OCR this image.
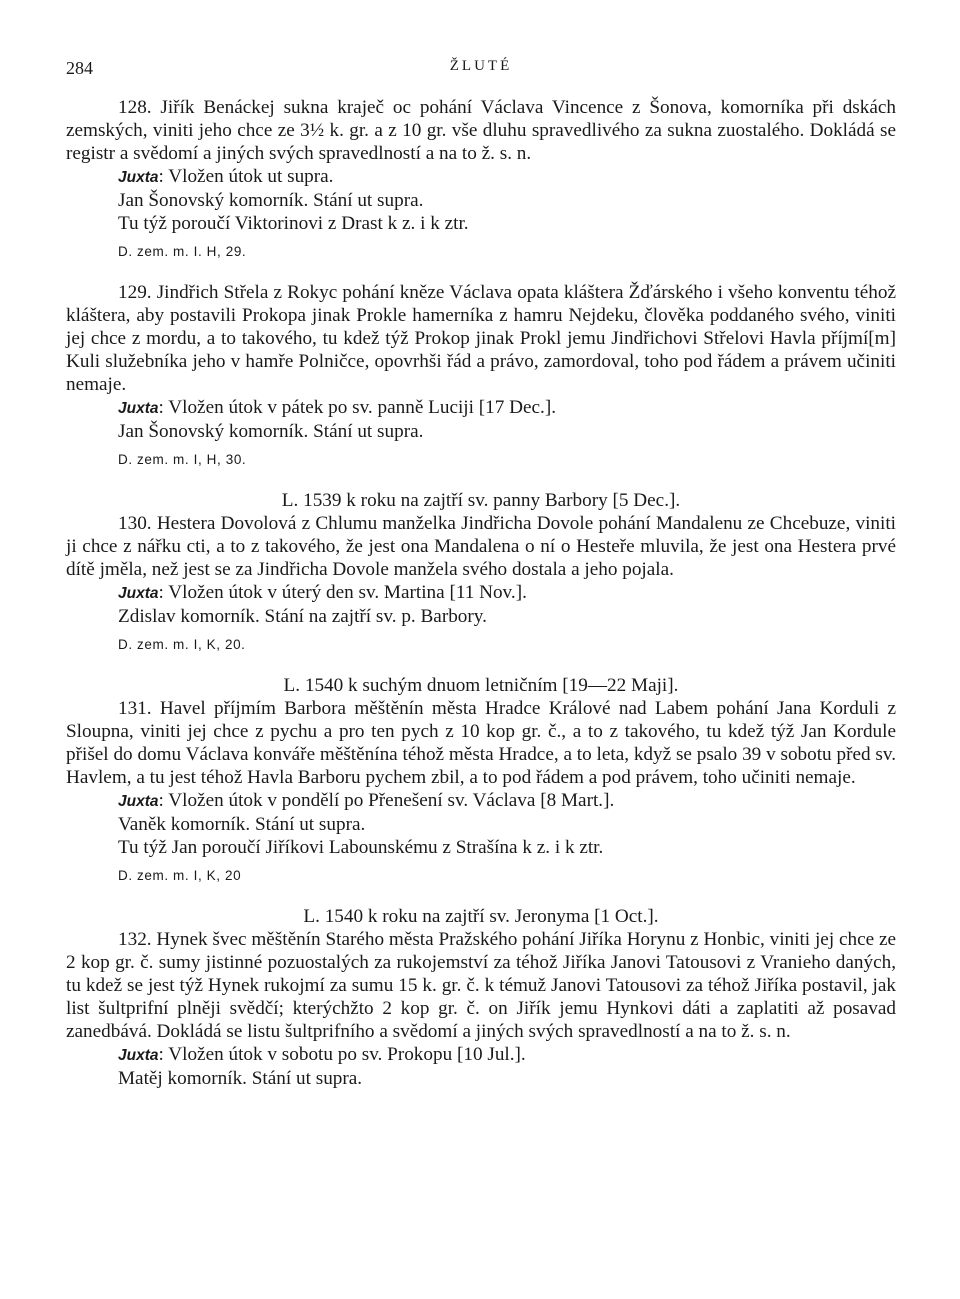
284	ŽLUTÉ

128. Jiřík Benáckej sukna kraječ oc pohání Václava Vincence z Šonova, komorníka při dskách zemských, viniti jeho chce ze 3½ k. gr. a z 10 gr. vše dluhu spravedlivého za sukna zuostalého. Dokládá se registr a svědomí a jiných svých spravedlností a na to ž. s. n.

Juxta: Vložen útok ut supra.

Jan Šonovský komorník. Stání ut supra.

Tu týž poroučí Viktorinovi z Drast k z. i k ztr.

D. zem. m. I. H, 29.

129. Jindřich Střela z Rokyc pohání kněze Václava opata kláštera Žďárského i všeho konventu téhož kláštera, aby postavili Prokopa jinak Prokle hamerníka z hamru Nejdeku, člověka poddaného svého, viniti jej chce z mordu, a to takového, tu kdež týž Prokop jinak Prokl jemu Jindřichovi Střelovi Havla příjmí[m] Kuli služebníka jeho v hamře Polničce, opovrhši řád a právo, zamordoval, toho pod řádem a právem učiniti nemaje.

Juxta: Vložen útok v pátek po sv. panně Luciji [17 Dec.].

Jan Šonovský komorník. Stání ut supra.

D. zem. m. I, H, 30.

L. 1539 k roku na zajtří sv. panny Barbory [5 Dec.].

130. Hestera Dovolová z Chlumu manželka Jindřicha Dovole pohání Mandalenu ze Chcebuze, viniti ji chce z nářku cti, a to z takového, že jest ona Mandalena o ní o Hesteře mluvila, že jest ona Hestera prvé dítě jměla, než jest se za Jindřicha Dovole manžela svého dostala a jeho pojala.

Juxta: Vložen útok v úterý den sv. Martina [11 Nov.].

Zdislav komorník. Stání na zajtří sv. p. Barbory.

D. zem. m. I, K, 20.

L. 1540 k suchým dnuom letničním [19—22 Maji].

131. Havel příjmím Barbora měštěnín města Hradce Králové nad Labem pohání Jana Korduli z Sloupna, viniti jej chce z pychu a pro ten pych z 10 kop gr. č., a to z takového, tu kdež týž Jan Kordule přišel do domu Václava konváře měštěnína téhož města Hradce, a to leta, když se psalo 39 v sobotu před sv. Havlem, a tu jest téhož Havla Barboru pychem zbil, a to pod řádem a pod právem, toho učiniti nemaje.

Juxta: Vložen útok v pondělí po Přenešení sv. Václava [8 Mart.].

Vaněk komorník. Stání ut supra.

Tu týž Jan poroučí Jiříkovi Labounskému z Strašína k z. i k ztr.

D. zem. m. I, K, 20

L. 1540 k roku na zajtří sv. Jeronyma [1 Oct.].

132. Hynek švec měštěnín Starého města Pražského pohání Jiříka Horynu z Honbic, viniti jej chce ze 2 kop gr. č. sumy jistinné pozuostalých za rukojemství za téhož Jiříka Janovi Tatousovi z Vranieho daných, tu kdež se jest týž Hynek rukojmí za sumu 15 k. gr. č. k témuž Janovi Tatousovi za téhož Jiříka postavil, jak list šultprifní plněji svědčí; kterýchžto 2 kop gr. č. on Jiřík jemu Hynkovi dáti a zaplatiti až posavad zanedbává. Dokládá se listu šultprifního a svědomí a jiných svých spravedlností a na to ž. s. n.

Juxta: Vložen útok v sobotu po sv. Prokopu [10 Jul.].

Matěj komorník. Stání ut supra.
